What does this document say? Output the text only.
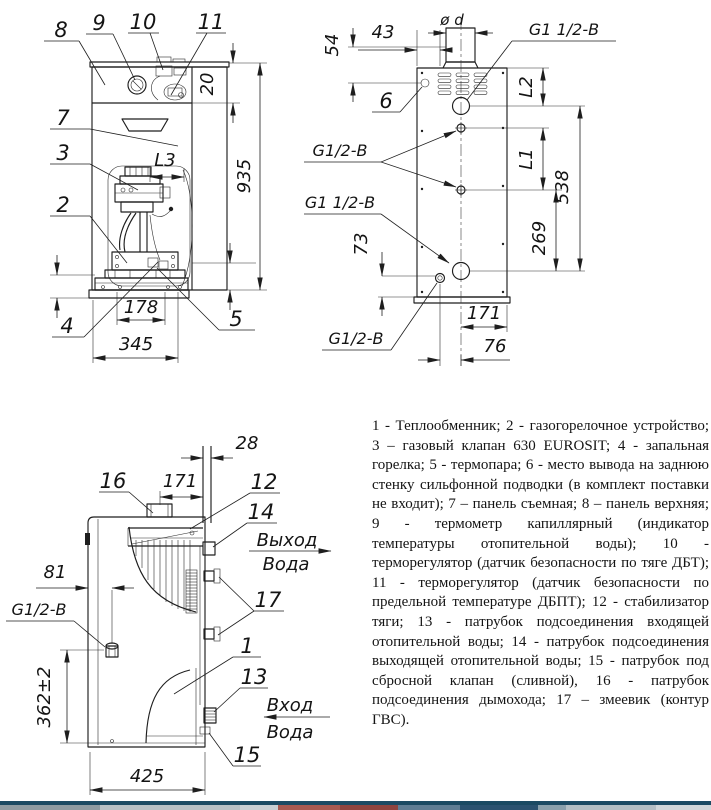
20
935
L3
178
345
8 9 10 11
7
3
2
4	5
ø d
43
54
L2
L1
269
538
73
171
76
6
G1 1/2-В
G1/2-В
G1 1/2-В
G1/2-В
28
171
81
362±2
425
16	12
14
17
1
13
15
G1/2-В
Выход
Вода
Вход
Вода
1 - Теплообменник; 2 - газогорелочное устройство; 3 – газовый клапан 630 EUROSIT; 4 - запальная горелка; 5 - термопара; 6 - место вывода на заднюю стенку сильфонной подводки (в комплект поставки не входит); 7 – панель съемная; 8 – панель верхняя; 9 - термометр капиллярный (индикатор температуры отопительной воды); 10 - терморегулятор (датчик безопасности по тяге ДБТ); 11 - терморегулятор (датчик безопасности по предельной температуре ДБПТ); 12 - стабилизатор тяги; 13 - патрубок подсоединения входящей отопительной воды; 14 - патрубок подсоединения выходящей отопительной воды; 15 - патрубок под сбросной клапан (сливной), 16 - патрубок подсоединения дымохода; 17 – змеевик (контур ГВС).
